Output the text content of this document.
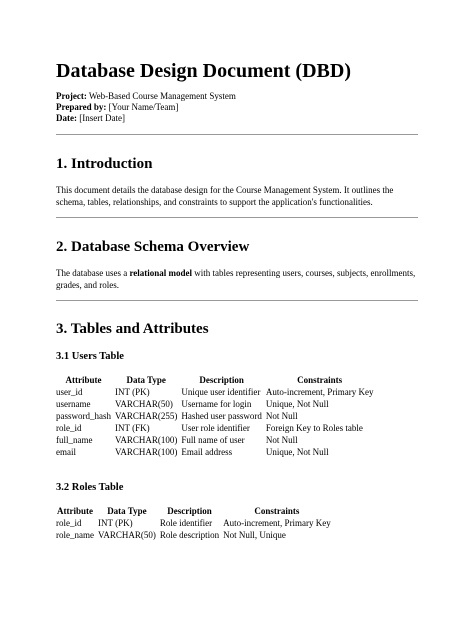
Database Design Document (DBD)
Project: Web-Based Course Management System
Prepared by: [Your Name/Team]
Date: [Insert Date]
1. Introduction

This document details the database design for the Course Management System. It outlines the schema, tables, relationships, and constraints to support the application's functionalities.

2. Database Schema Overview

The database uses a relational model with tables representing users, courses, subjects, enrollments, grades, and roles.

3. Tables and Attributes
3.1 Users Table
Attribute	Data Type	Description	Constraints
user_id	INT (PK)	Unique user identifier	Auto-increment, Primary Key
username	VARCHAR(50)	Username for login	Unique, Not Null
password_hash	VARCHAR(255)	Hashed user password	Not Null
role_id	INT (FK)	User role identifier	Foreign Key to Roles table
full_name	VARCHAR(100)	Full name of user	Not Null
email	VARCHAR(100)	Email address	Unique, Not Null
3.2 Roles Table
Attribute	Data Type	Description	Constraints
role_id	INT (PK)	Role identifier	Auto-increment, Primary Key
role_name	VARCHAR(50)	Role description	Not Null, Unique
